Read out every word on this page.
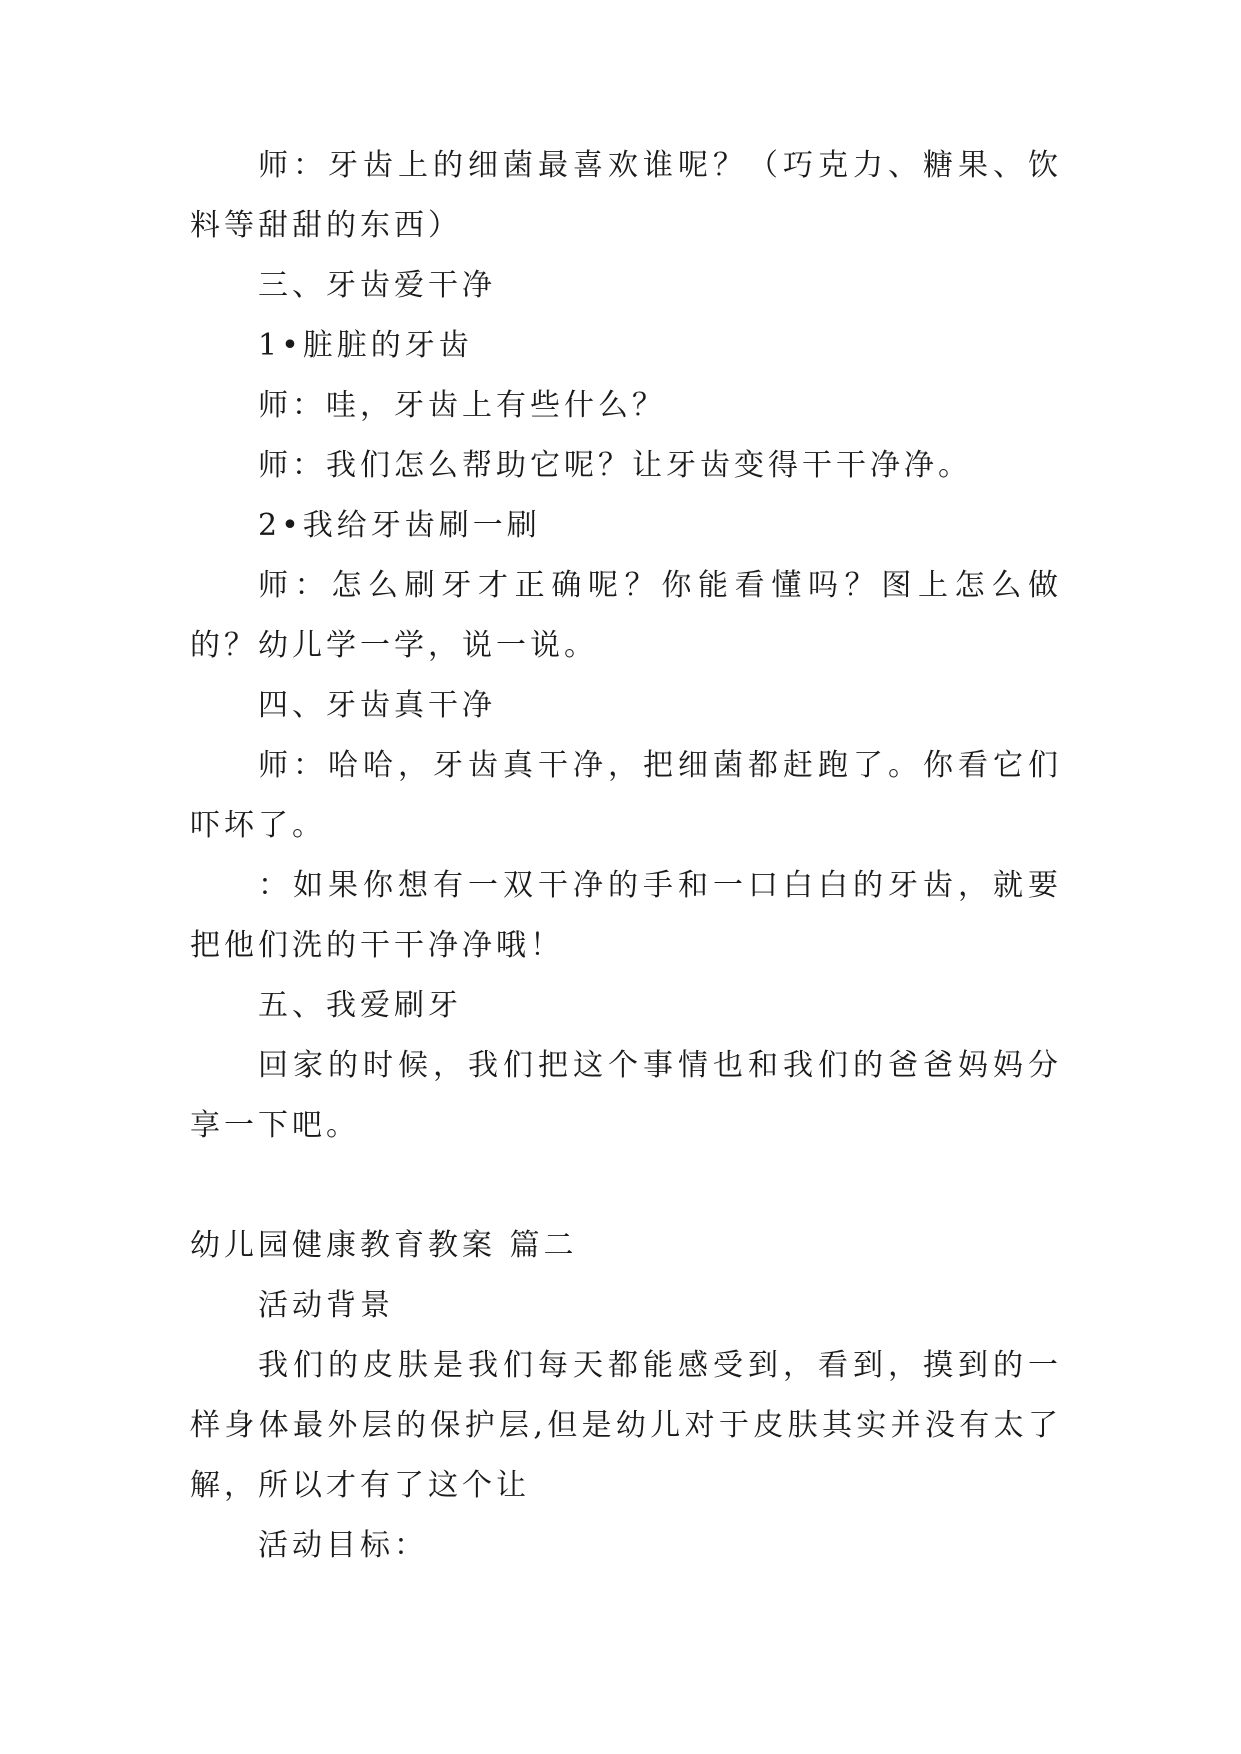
师：牙齿上的细菌最喜欢谁呢？（巧克力、糖果、饮料等甜甜的东西）
三、牙齿爱干净
1•脏脏的牙齿
师：哇，牙齿上有些什么？
师：我们怎么帮助它呢？让牙齿变得干干净净。
2•我给牙齿刷一刷
师：怎么刷牙才正确呢？你能看懂吗？图上怎么做的？ 幼儿学一学，说一说。
四、牙齿真干净
师：哈哈，牙齿真干净，把细菌都赶跑了。你看它们吓坏了。
：如果你想有一双干净的手和一口白白的牙齿，就要把他们洗的干干净净哦！
五、我爱刷牙
回家的时候，我们把这个事情也和我们的爸爸妈妈分享一下吧。
幼儿园健康教育教案 篇二
活动背景
我们的皮肤是我们每天都能感受到，看到，摸到的一样身体最外层的保护层,但是幼儿对于皮肤其实并没有太了解，所以才有了这个让
活动目标：
